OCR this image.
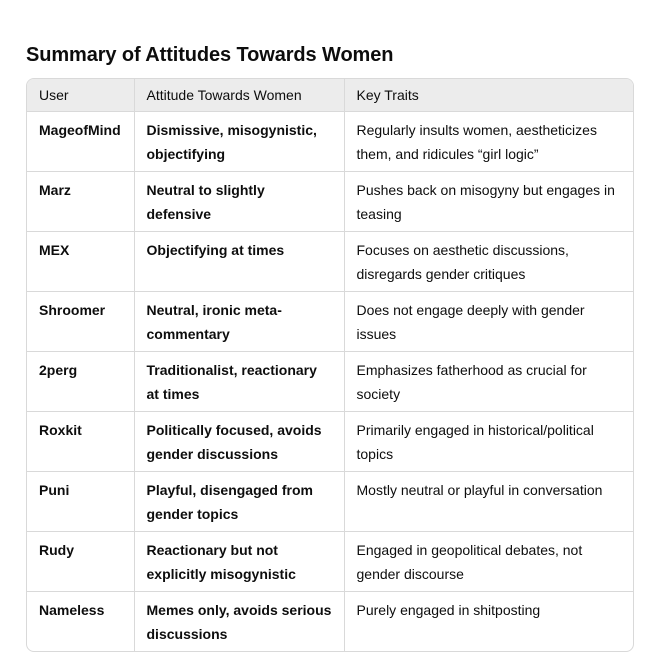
Summary of Attitudes Towards Women
User	Attitude Towards Women	Key Traits
MageofMind	Dismissive, misogynistic, objectifying	Regularly insults women, aestheticizes them, and ridicules “girl logic”
Marz	Neutral to slightly defensive	Pushes back on misogyny but engages in teasing
MEX	Objectifying at times	Focuses on aesthetic discussions, disregards gender critiques
Shroomer	Neutral, ironic meta-commentary	Does not engage deeply with gender issues
2perg	Traditionalist, reactionary at times	Emphasizes fatherhood as crucial for society
Roxkit	Politically focused, avoids gender discussions	Primarily engaged in historical/political topics
Puni	Playful, disengaged from gender topics	Mostly neutral or playful in conversation
Rudy	Reactionary but not explicitly misogynistic	Engaged in geopolitical debates, not gender discourse
Nameless	Memes only, avoids serious discussions	Purely engaged in shitposting
